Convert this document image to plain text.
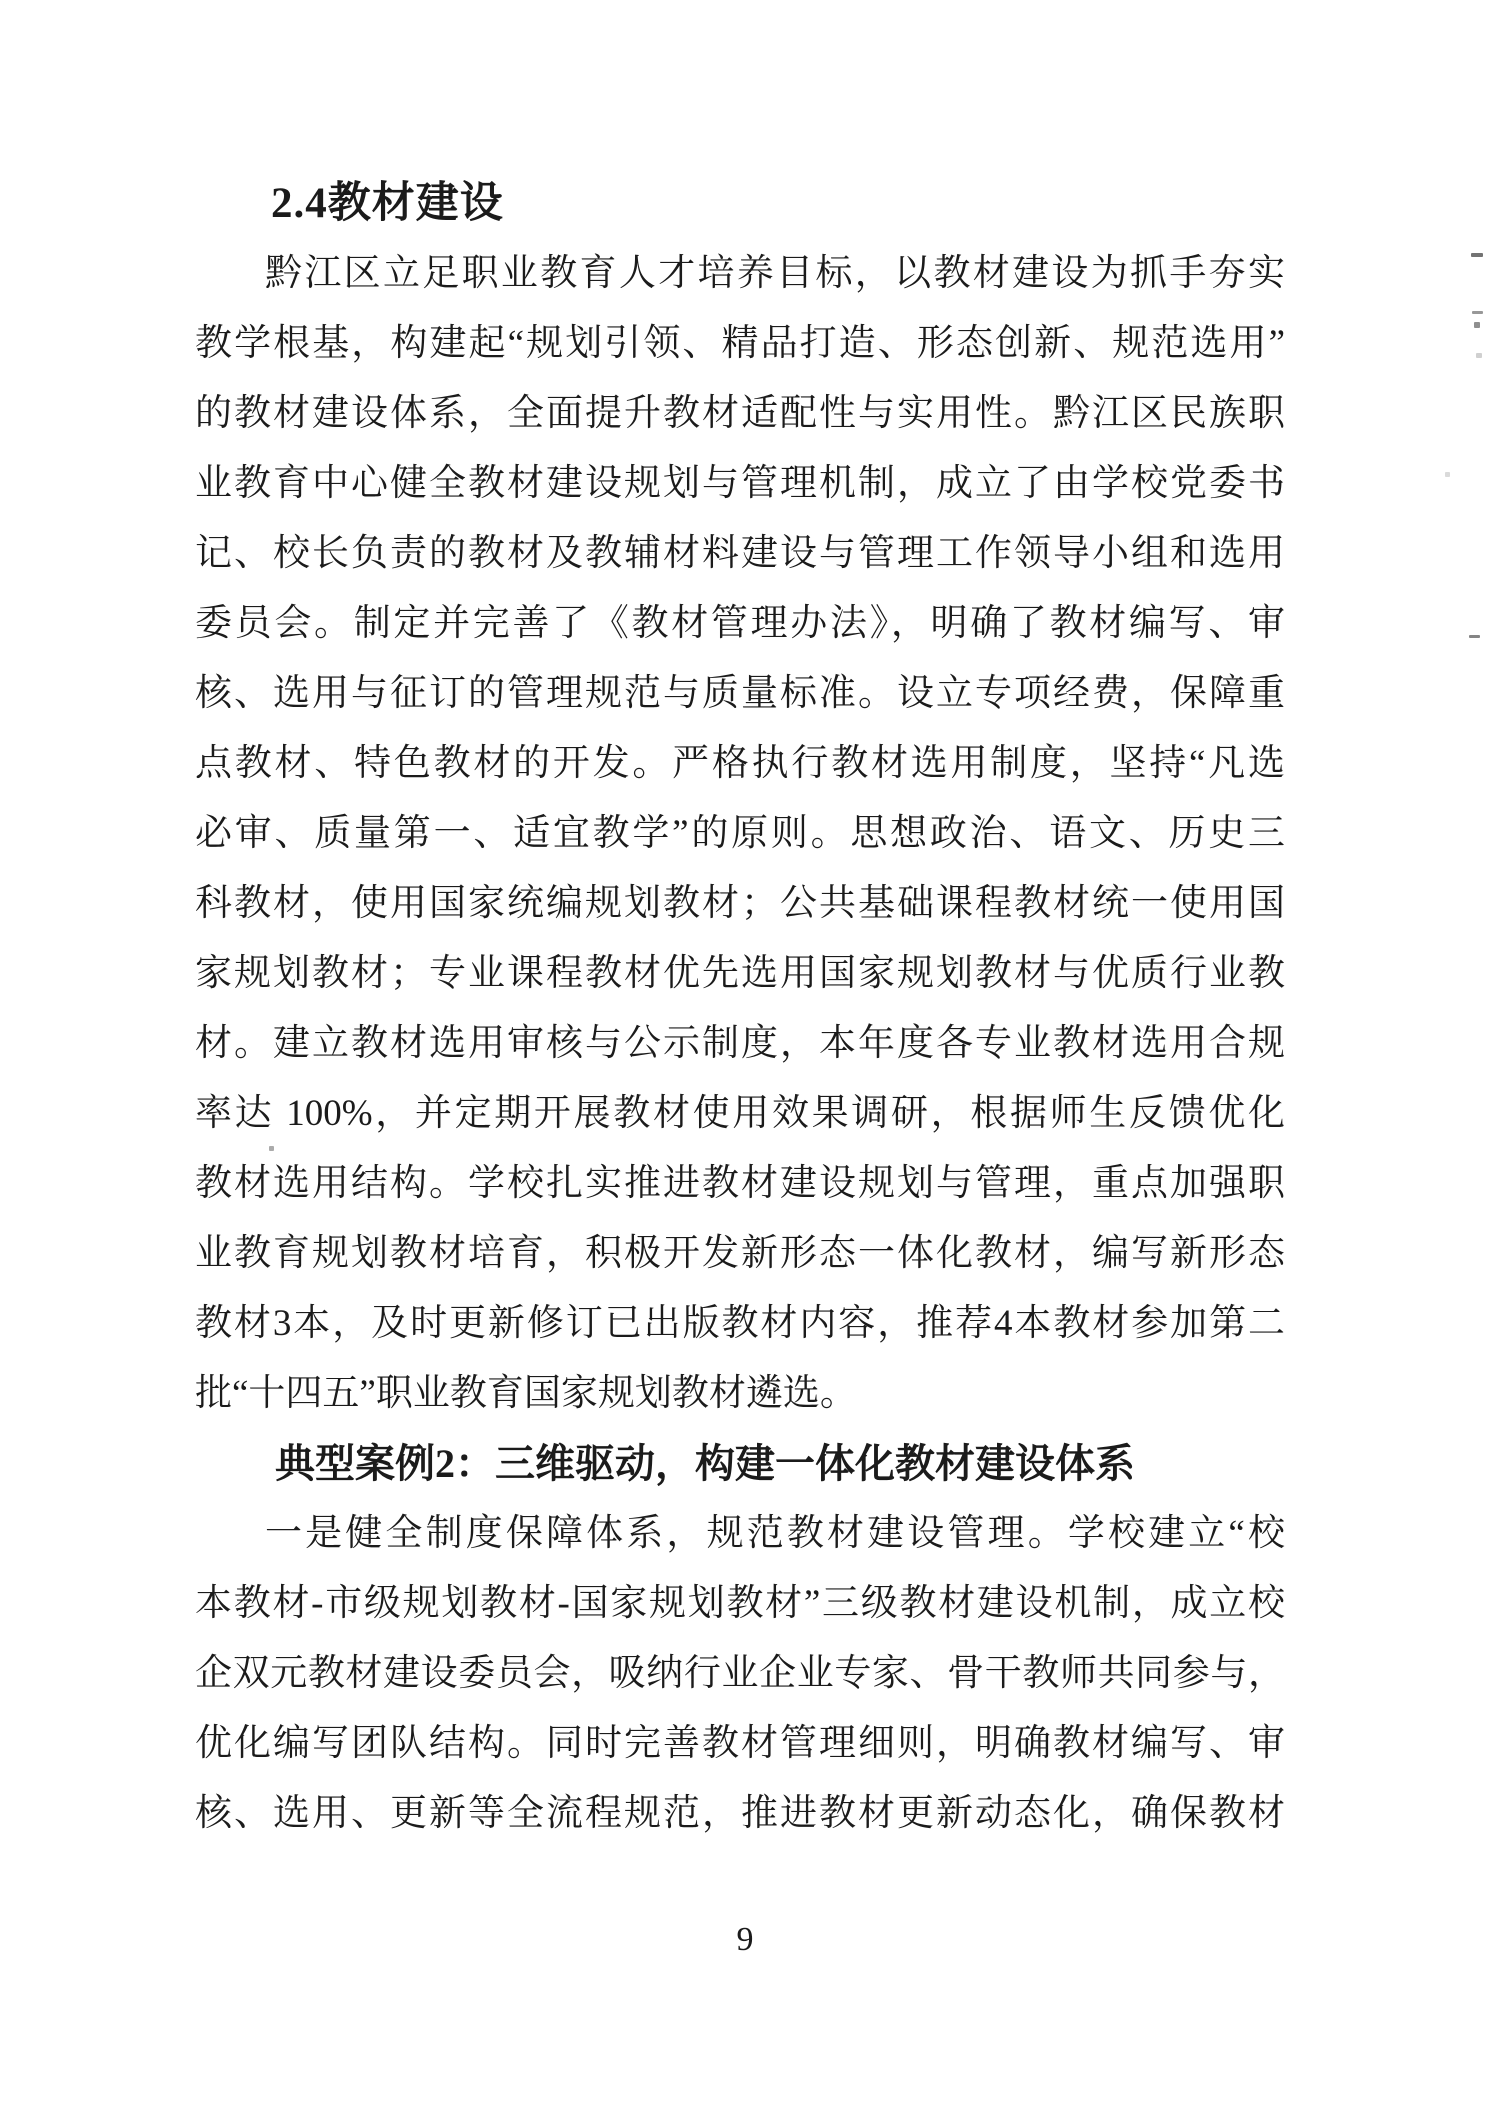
2.4教材建设
黔江区立足职业教育人才培养目标，以教材建设为抓手夯实
教学根基，构建起“规划引领、精品打造、形态创新、规范选用”
的教材建设体系，全面提升教材适配性与实用性。黔江区民族职
业教育中心健全教材建设规划与管理机制，成立了由学校党委书
记、校长负责的教材及教辅材料建设与管理工作领导小组和选用
委员会。制定并完善了《教材管理办法》，明确了教材编写、审
核、选用与征订的管理规范与质量标准。设立专项经费，保障重
点教材、特色教材的开发。严格执行教材选用制度，坚持“凡选
必审、质量第一、适宜教学”的原则。思想政治、语文、历史三
科教材，使用国家统编规划教材；公共基础课程教材统一使用国
家规划教材；专业课程教材优先选用国家规划教材与优质行业教
材。建立教材选用审核与公示制度，本年度各专业教材选用合规
率达 100%，并定期开展教材使用效果调研，根据师生反馈优化
教材选用结构。学校扎实推进教材建设规划与管理，重点加强职
业教育规划教材培育，积极开发新形态一体化教材，编写新形态
教材3本，及时更新修订已出版教材内容，推荐4本教材参加第二
批“十四五”职业教育国家规划教材遴选。
典型案例2：三维驱动，构建一体化教材建设体系
一是健全制度保障体系，规范教材建设管理。学校建立“校
本教材-市级规划教材-国家规划教材”三级教材建设机制，成立校
企双元教材建设委员会，吸纳行业企业专家、骨干教师共同参与，
优化编写团队结构。同时完善教材管理细则，明确教材编写、审
核、选用、更新等全流程规范，推进教材更新动态化，确保教材
9
